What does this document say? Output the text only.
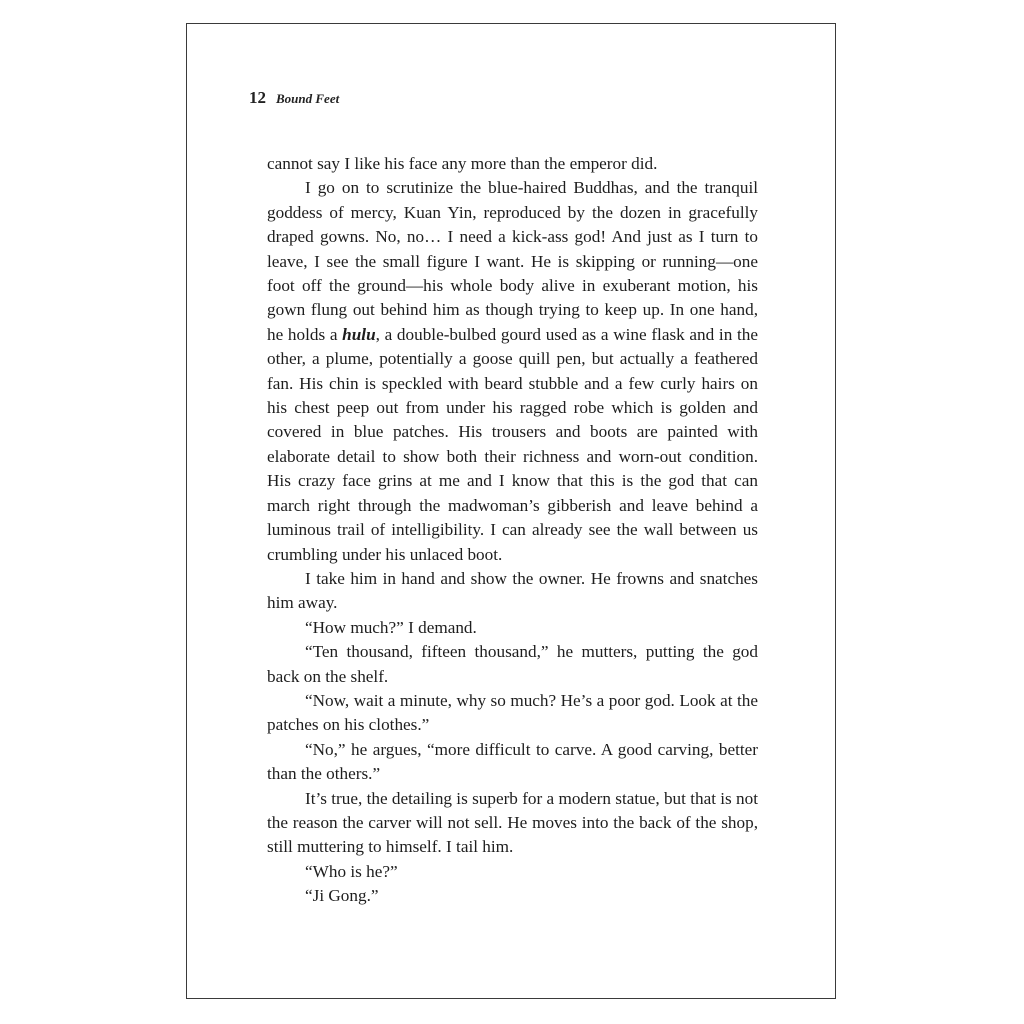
12 Bound Feet

cannot say I like his face any more than the emperor did.

I go on to scrutinize the blue-haired Buddhas, and the tranquil goddess of mercy, Kuan Yin, reproduced by the dozen in gracefully draped gowns. No, no… I need a kick-ass god! And just as I turn to leave, I see the small figure I want. He is skipping or running—one foot off the ground—his whole body alive in exuberant motion, his gown flung out behind him as though trying to keep up. In one hand, he holds a hulu, a double-bulbed gourd used as a wine flask and in the other, a plume, potentially a goose quill pen, but actually a feathered fan. His chin is speckled with beard stubble and a few curly hairs on his chest peep out from under his ragged robe which is golden and covered in blue patches. His trousers and boots are painted with elaborate detail to show both their richness and worn-out condition. His crazy face grins at me and I know that this is the god that can march right through the madwoman’s gibberish and leave behind a luminous trail of intelligibility. I can already see the wall between us crumbling under his unlaced boot.

I take him in hand and show the owner. He frowns and snatches him away.

“How much?” I demand.

“Ten thousand, fifteen thousand,” he mutters, putting the god back on the shelf.

“Now, wait a minute, why so much? He’s a poor god. Look at the patches on his clothes.”

“No,” he argues, “more difficult to carve. A good carving, better than the others.”

It’s true, the detailing is superb for a modern statue, but that is not the reason the carver will not sell. He moves into the back of the shop, still muttering to himself. I tail him.

“Who is he?”

“Ji Gong.”
